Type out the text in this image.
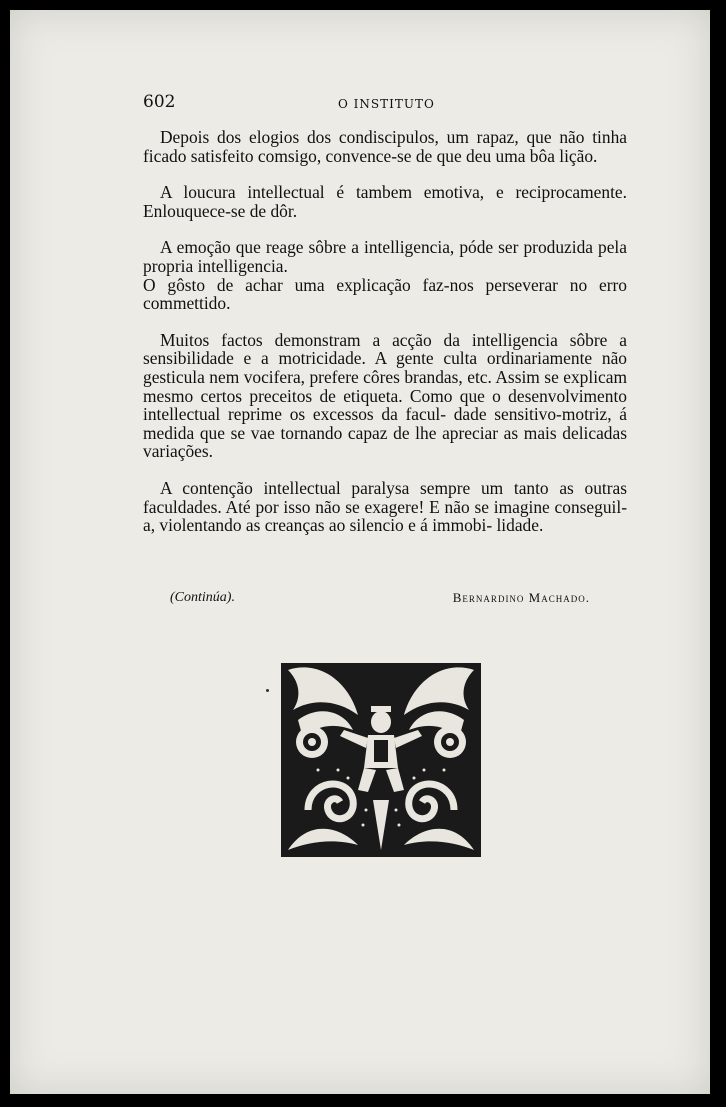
602	O INSTITUTO

Depois dos elogios dos condiscipulos, um rapaz, que não tinha ficado satisfeito comsigo, convence-se de que deu uma bôa lição.

A loucura intellectual é tambem emotiva, e reciprocamente. Enlouquece-se de dôr.

A emoção que reage sôbre a intelligencia, póde ser produzida pela propria intelligencia.

O gôsto de achar uma explicação faz-nos perseverar no erro commettido.

Muitos factos demonstram a acção da intelligencia sôbre a sensibilidade e a motricidade. A gente culta ordinariamente não gesticula nem vocifera, prefere côres brandas, etc. Assim se explicam mesmo certos preceitos de etiqueta. Como que o desenvolvimento intellectual reprime os excessos da facul- dade sensitivo-motriz, á medida que se vae tornando capaz de lhe apreciar as mais delicadas variações.

A contenção intellectual paralysa sempre um tanto as outras faculdades. Até por isso não se exagere! E não se imagine conseguil-a, violentando as creanças ao silencio e á immobi- lidade.

(Continúa).	Bernardino Machado.
